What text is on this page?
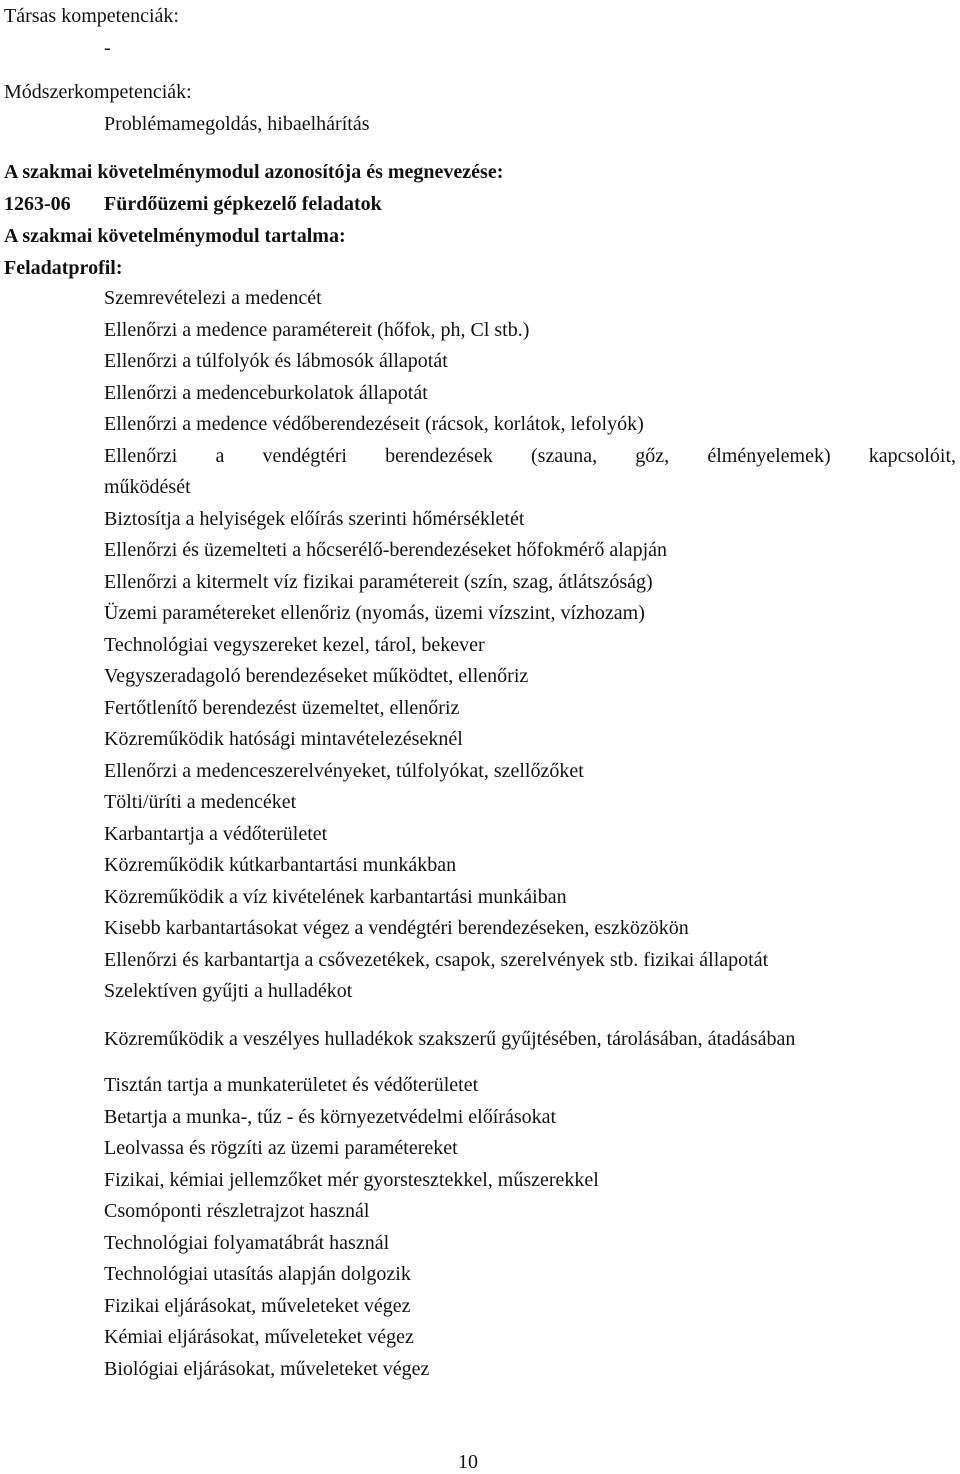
Társas kompetenciák:
-
Módszerkompetenciák:
Problémamegoldás, hibaelhárítás
A szakmai követelménymodul azonosítója és megnevezése:
1263-06 Fürdőüzemi gépkezelő feladatok
A szakmai követelménymodul tartalma:
Feladatprofil:
Szemrevételezi a medencét
Ellenőrzi a medence paramétereit (hőfok, ph, Cl stb.)
Ellenőrzi a túlfolyók és lábmosók állapotát
Ellenőrzi a medenceburkolatok állapotát
Ellenőrzi a medence védőberendezéseit (rácsok, korlátok, lefolyók)
Ellenőrzi a vendégtéri berendezések (szauna, gőz, élményelemek) kapcsolóit,
működését
Biztosítja a helyiségek előírás szerinti hőmérsékletét
Ellenőrzi és üzemelteti a hőcserélő-berendezéseket hőfokmérő alapján
Ellenőrzi a kitermelt víz fizikai paramétereit (szín, szag, átlátszóság)
Üzemi paramétereket ellenőriz (nyomás, üzemi vízszint, vízhozam)
Technológiai vegyszereket kezel, tárol, bekever
Vegyszeradagoló berendezéseket működtet, ellenőriz
Fertőtlenítő berendezést üzemeltet, ellenőriz
Közreműködik hatósági mintavételezéseknél
Ellenőrzi a medenceszerelvényeket, túlfolyókat, szellőzőket
Tölti/üríti a medencéket
Karbantartja a védőterületet
Közreműködik kútkarbantartási munkákban
Közreműködik a víz kivételének karbantartási munkáiban
Kisebb karbantartásokat végez a vendégtéri berendezéseken, eszközökön
Ellenőrzi és karbantartja a csővezetékek, csapok, szerelvények stb. fizikai állapotát
Szelektíven gyűjti a hulladékot
Közreműködik a veszélyes hulladékok szakszerű gyűjtésében, tárolásában, átadásában
Tisztán tartja a munkaterületet és védőterületet
Betartja a munka-, tűz - és környezetvédelmi előírásokat
Leolvassa és rögzíti az üzemi paramétereket
Fizikai, kémiai jellemzőket mér gyorstesztekkel, műszerekkel
Csomóponti részletrajzot használ
Technológiai folyamatábrát használ
Technológiai utasítás alapján dolgozik
Fizikai eljárásokat, műveleteket végez
Kémiai eljárásokat, műveleteket végez
Biológiai eljárásokat, műveleteket végez
10
